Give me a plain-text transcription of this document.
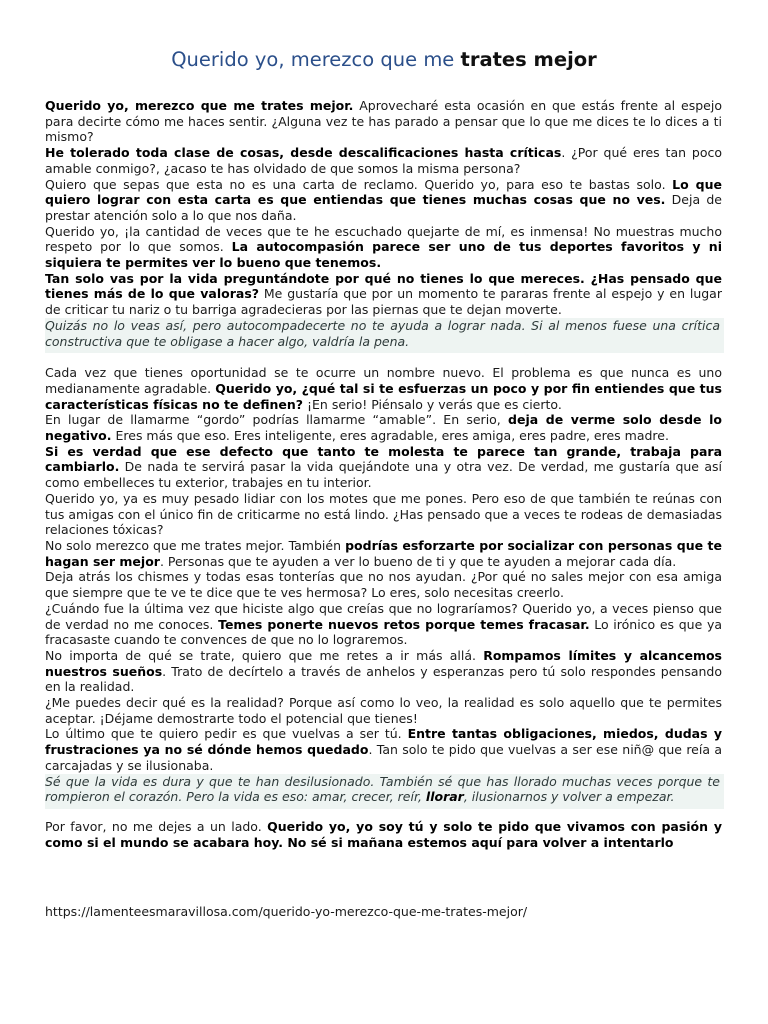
Querido yo, merezco que me trates mejor

Querido yo, merezco que me trates mejor. Aprovecharé esta ocasión en que estás frente al espejo para decirte cómo me haces sentir. ¿Alguna vez te has parado a pensar que lo que me dices te lo dices a ti mismo?

He tolerado toda clase de cosas, desde descalificaciones hasta críticas. ¿Por qué eres tan poco amable conmigo?, ¿acaso te has olvidado de que somos la misma persona?

Quiero que sepas que esta no es una carta de reclamo. Querido yo, para eso te bastas solo. Lo que quiero lograr con esta carta es que entiendas que tienes muchas cosas que no ves. Deja de prestar atención solo a lo que nos daña.

Querido yo, ¡la cantidad de veces que te he escuchado quejarte de mí, es inmensa! No muestras mucho respeto por lo que somos. La autocompasión parece ser uno de tus deportes favoritos y ni siquiera te permites ver lo bueno que tenemos.

Tan solo vas por la vida preguntándote por qué no tienes lo que mereces. ¿Has pensado que tienes más de lo que valoras? Me gustaría que por un momento te pararas frente al espejo y en lugar de criticar tu nariz o tu barriga agradecieras por las piernas que te dejan moverte.

Quizás no lo veas así, pero autocompadecerte no te ayuda a lograr nada. Si al menos fuese una crítica constructiva que te obligase a hacer algo, valdría la pena.

Cada vez que tienes oportunidad se te ocurre un nombre nuevo. El problema es que nunca es uno medianamente agradable. Querido yo, ¿qué tal si te esfuerzas un poco y por fin entiendes que tus características físicas no te definen? ¡En serio! Piénsalo y verás que es cierto.

En lugar de llamarme “gordo” podrías llamarme “amable”. En serio, deja de verme solo desde lo negativo. Eres más que eso. Eres inteligente, eres agradable, eres amiga, eres padre, eres madre.

Si es verdad que ese defecto que tanto te molesta te parece tan grande, trabaja para cambiarlo. De nada te servirá pasar la vida quejándote una y otra vez. De verdad, me gustaría que así como embelleces tu exterior, trabajes en tu interior.

Querido yo, ya es muy pesado lidiar con los motes que me pones. Pero eso de que también te reúnas con tus amigas con el único fin de criticarme no está lindo. ¿Has pensado que a veces te rodeas de demasiadas relaciones tóxicas?

No solo merezco que me trates mejor. También podrías esforzarte por socializar con personas que te hagan ser mejor. Personas que te ayuden a ver lo bueno de ti y que te ayuden a mejorar cada día.

Deja atrás los chismes y todas esas tonterías que no nos ayudan. ¿Por qué no sales mejor con esa amiga que siempre que te ve te dice que te ves hermosa? Lo eres, solo necesitas creerlo.

¿Cuándo fue la última vez que hiciste algo que creías que no lograríamos? Querido yo, a veces pienso que de verdad no me conoces. Temes ponerte nuevos retos porque temes fracasar. Lo irónico es que ya fracasaste cuando te convences de que no lo lograremos.

No importa de qué se trate, quiero que me retes a ir más allá. Rompamos límites y alcancemos nuestros sueños. Trato de decírtelo a través de anhelos y esperanzas pero tú solo respondes pensando en la realidad.

¿Me puedes decir qué es la realidad? Porque así como lo veo, la realidad es solo aquello que te permites aceptar. ¡Déjame demostrarte todo el potencial que tienes!

Lo último que te quiero pedir es que vuelvas a ser tú. Entre tantas obligaciones, miedos, dudas y frustraciones ya no sé dónde hemos quedado. Tan solo te pido que vuelvas a ser ese niñ@ que reía a carcajadas y se ilusionaba.

Sé que la vida es dura y que te han desilusionado. También sé que has llorado muchas veces porque te rompieron el corazón. Pero la vida es eso: amar, crecer, reír, llorar, ilusionarnos y volver a empezar.

Por favor, no me dejes a un lado. Querido yo, yo soy tú y solo te pido que vivamos con pasión y como si el mundo se acabara hoy. No sé si mañana estemos aquí para volver a intentarlo

https://lamenteesmaravillosa.com/querido-yo-merezco-que-me-trates-mejor/
